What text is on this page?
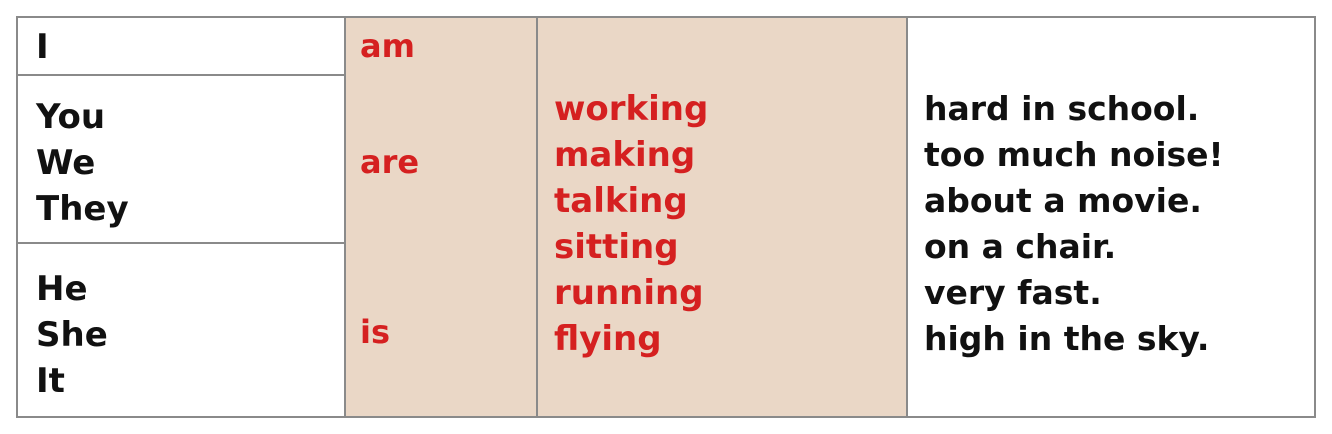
I
You
We
They
He
She
It
am
are
is
working
making
talking
sitting
running
flying
hard in school.
too much noise!
about a movie.
on a chair.
very fast.
high in the sky.
